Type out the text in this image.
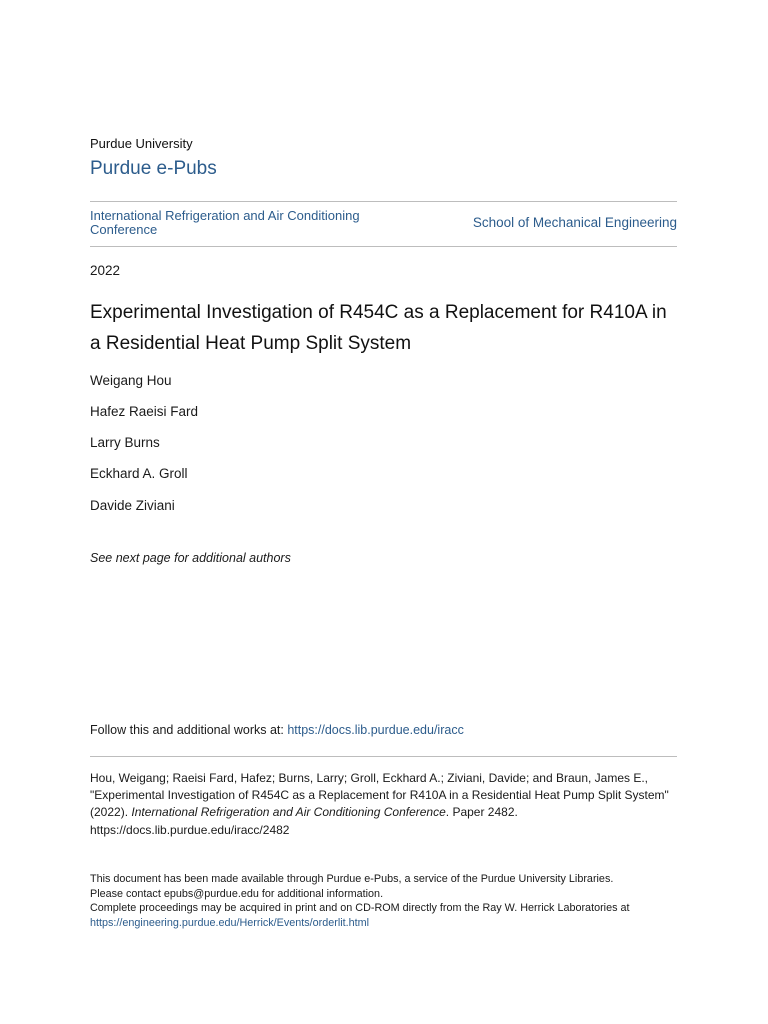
Purdue University
Purdue e-Pubs
International Refrigeration and Air Conditioning Conference	School of Mechanical Engineering
2022
Experimental Investigation of R454C as a Replacement for R410A in a Residential Heat Pump Split System
Weigang Hou
Hafez Raeisi Fard
Larry Burns
Eckhard A. Groll
Davide Ziviani
See next page for additional authors
Follow this and additional works at: https://docs.lib.purdue.edu/iracc
Hou, Weigang; Raeisi Fard, Hafez; Burns, Larry; Groll, Eckhard A.; Ziviani, Davide; and Braun, James E., "Experimental Investigation of R454C as a Replacement for R410A in a Residential Heat Pump Split System" (2022). International Refrigeration and Air Conditioning Conference. Paper 2482.
https://docs.lib.purdue.edu/iracc/2482
This document has been made available through Purdue e-Pubs, a service of the Purdue University Libraries.
Please contact epubs@purdue.edu for additional information.
Complete proceedings may be acquired in print and on CD-ROM directly from the Ray W. Herrick Laboratories at
https://engineering.purdue.edu/Herrick/Events/orderlit.html
